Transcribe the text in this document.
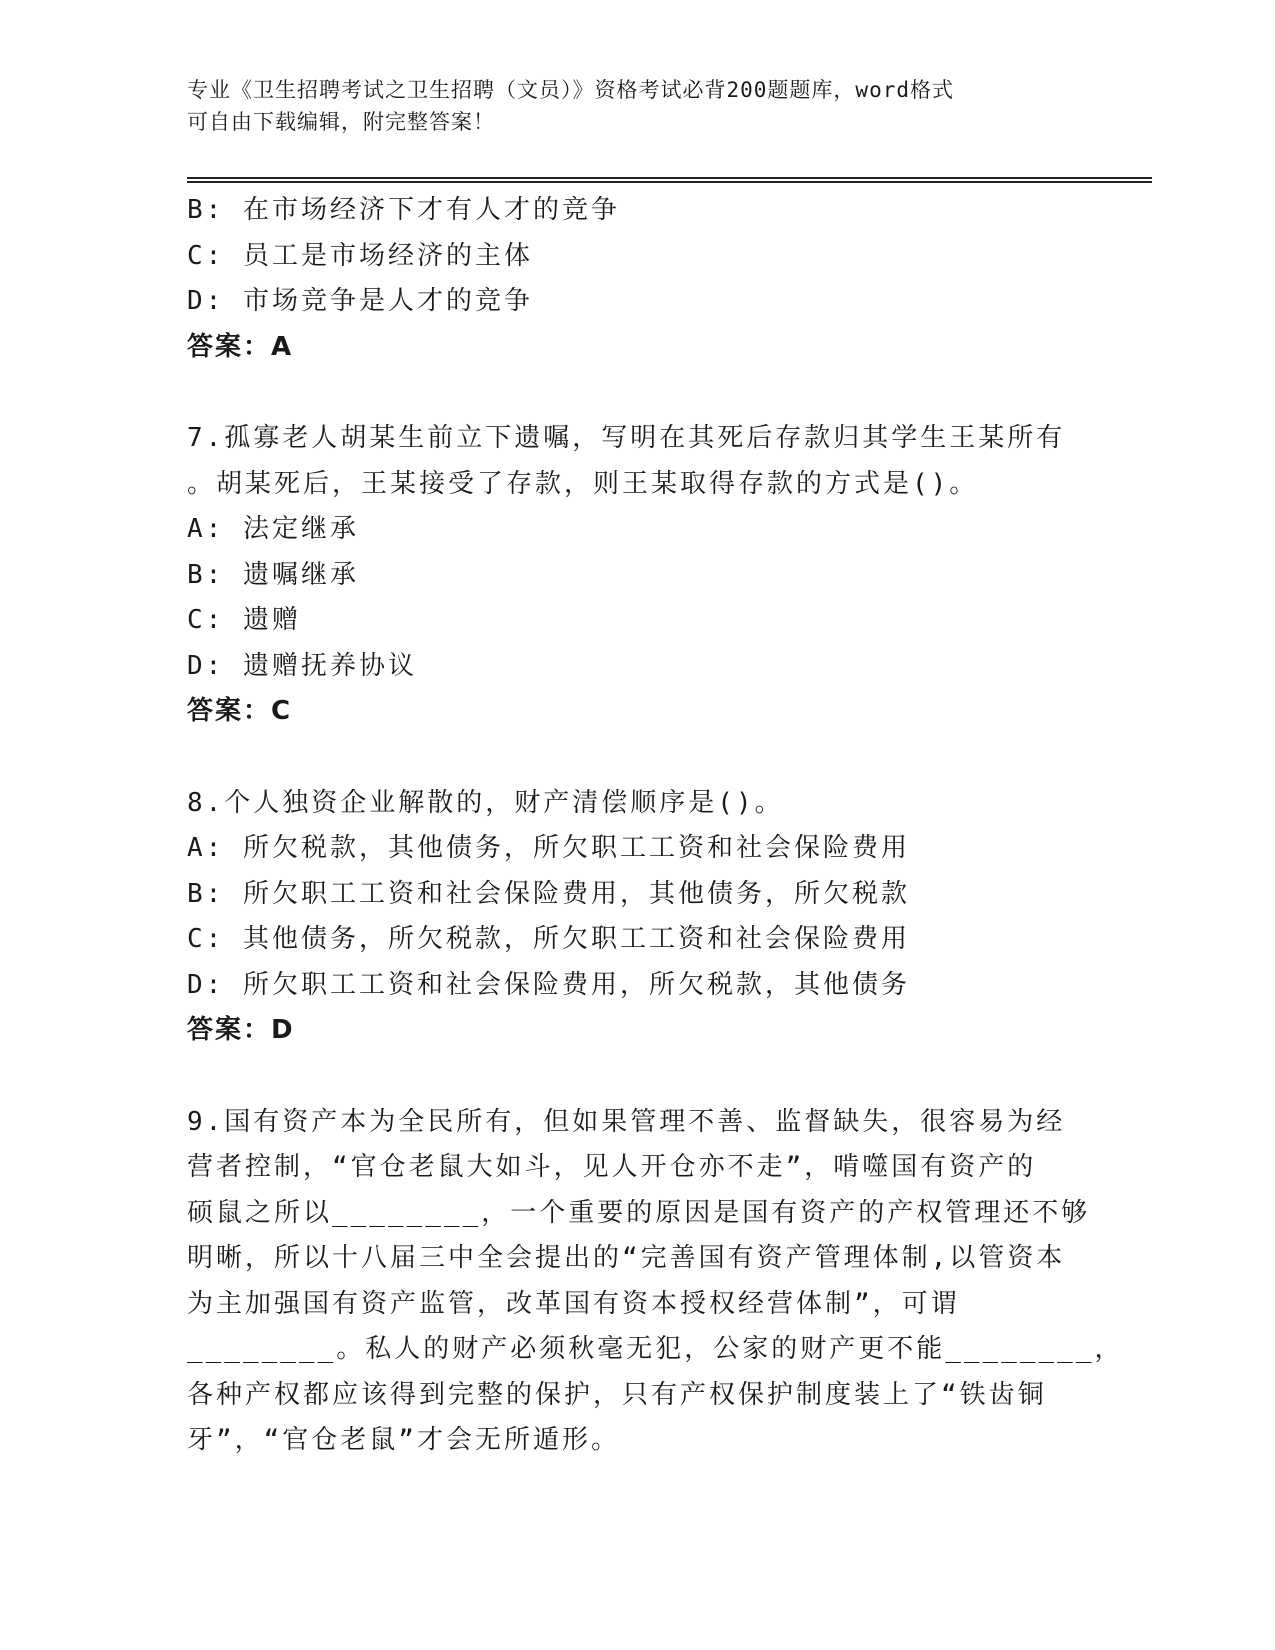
专业《卫生招聘考试之卫生招聘（文员）》资格考试必背200题题库，word格式
可自由下载编辑，附完整答案！
B: 在市场经济下才有人才的竞争
C: 员工是市场经济的主体
D: 市场竞争是人才的竞争
答案：A
7.孤寡老人胡某生前立下遗嘱，写明在其死后存款归其学生王某所有
。胡某死后，王某接受了存款，则王某取得存款的方式是()。
A: 法定继承
B: 遗嘱继承
C: 遗赠
D: 遗赠抚养协议
答案：C
8.个人独资企业解散的，财产清偿顺序是()。
A: 所欠税款，其他债务，所欠职工工资和社会保险费用
B: 所欠职工工资和社会保险费用，其他债务，所欠税款
C: 其他债务，所欠税款，所欠职工工资和社会保险费用
D: 所欠职工工资和社会保险费用，所欠税款，其他债务
答案：D
9.国有资产本为全民所有，但如果管理不善、监督缺失，很容易为经
营者控制，“官仓老鼠大如斗，见人开仓亦不走”，啃噬国有资产的
硕鼠之所以________，一个重要的原因是国有资产的产权管理还不够
明晰，所以十八届三中全会提出的“完善国有资产管理体制,以管资本
为主加强国有资产监管，改革国有资本授权经营体制”，可谓
________。私人的财产必须秋毫无犯，公家的财产更不能________，
各种产权都应该得到完整的保护，只有产权保护制度装上了“铁齿铜
牙”，“官仓老鼠”才会无所遁形。
